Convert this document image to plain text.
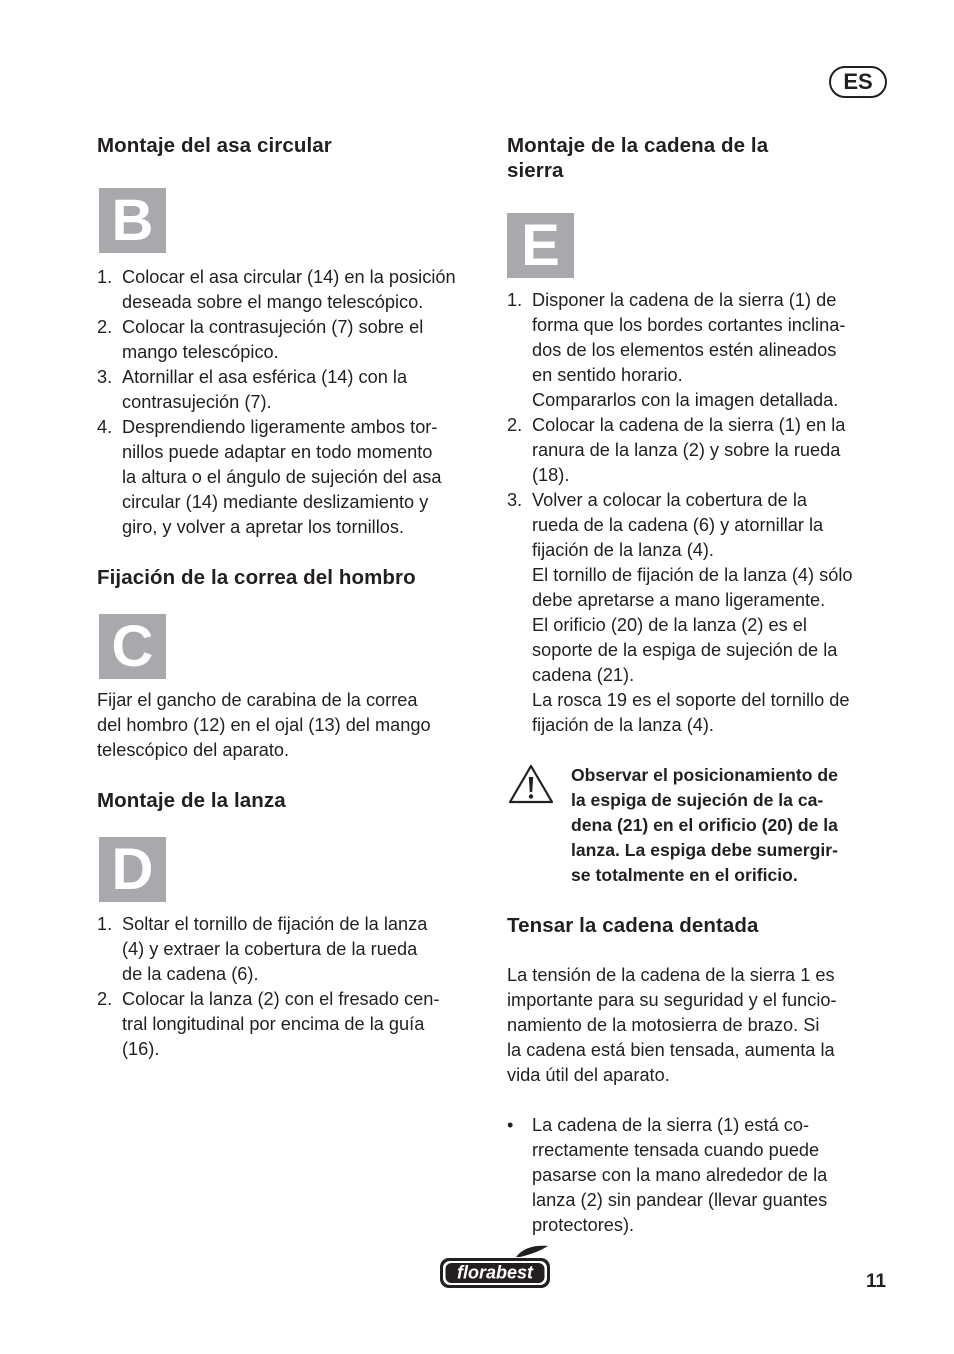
ES
Montaje del asa circular
B
1. Colocar el asa circular (14) en la posición
deseada sobre el mango telescópico.
2. Colocar la contrasujeción (7) sobre el
mango telescópico.
3. Atornillar el asa esférica (14) con la
contrasujeción (7).
4. Desprendiendo ligeramente ambos tor-
nillos puede adaptar en todo momento
la altura o el ángulo de sujeción del asa
circular (14) mediante deslizamiento y
giro, y volver a apretar los tornillos.
Fijación de la correa del hombro
C
Fijar el gancho de carabina de la correa
del hombro (12) en el ojal (13) del mango
telescópico del aparato.
Montaje de la lanza
D
1. Soltar el tornillo de fijación de la lanza
(4) y extraer la cobertura de la rueda
de la cadena (6).
2. Colocar la lanza (2) con el fresado cen-
tral longitudinal por encima de la guía
(16).
Montaje de la cadena de la
sierra
E
1. Disponer la cadena de la sierra (1) de
forma que los bordes cortantes inclina-
dos de los elementos estén alineados
en sentido horario.
Compararlos con la imagen detallada.
2. Colocar la cadena de la sierra (1) en la
ranura de la lanza (2) y sobre la rueda
(18).
3. Volver a colocar la cobertura de la
rueda de la cadena (6) y atornillar la
fijación de la lanza (4).
El tornillo de fijación de la lanza (4) sólo
debe apretarse a mano ligeramente.
El orificio (20) de la lanza (2) es el
soporte de la espiga de sujeción de la
cadena (21).
La rosca 19 es el soporte del tornillo de
fijación de la lanza (4).
Observar el posicionamiento de
la espiga de sujeción de la ca-
dena (21) en el orificio (20) de la
lanza. La espiga debe sumergir-
se totalmente en el orificio.
Tensar la cadena dentada
La tensión de la cadena de la sierra 1 es
importante para su seguridad y el funcio-
namiento de la motosierra de brazo. Si
la cadena está bien tensada, aumenta la
vida útil del aparato.
• La cadena de la sierra (1) está co-
rrectamente tensada cuando puede
pasarse con la mano alrededor de la
lanza (2) sin pandear (llevar guantes
protectores).
florabest	11
